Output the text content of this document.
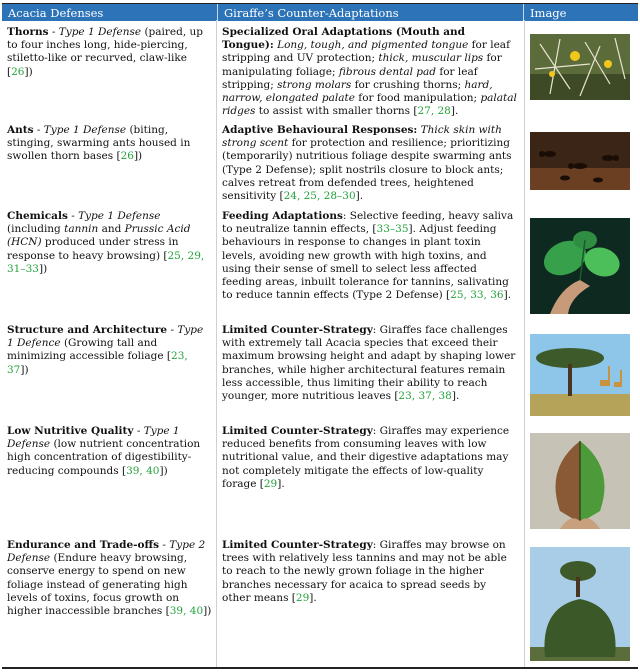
Acacia Defenses	Giraffe’s Counter-Adaptations	Image
Thorns - Type 1 Defense (paired, up to four inches long, hide-piercing, stiletto-like or recurved, claw-like [26])
Specialized Oral Adaptations (Mouth and Tongue): Long, tough, and pigmented tongue for leaf stripping and UV protection; thick, muscular lips for manipulating foliage; fibrous dental pad for leaf stripping; strong molars for crushing thorns; hard, narrow, elongated palate for food manipulation; palatal ridges to assist with smaller thorns [27, 28].
Ants - Type 1 Defense (biting, stinging, swarming ants housed in swollen thorn bases [26])
Adaptive Behavioural Responses: Thick skin with strong scent for protection and resilience; prioritizing (temporarily) nutritious foliage despite swarming ants (Type 2 Defense); split nostrils closure to block ants; calves retreat from defended trees, heightened sensitivity [24, 25, 28–30].
Chemicals - Type 1 Defense (including tannin and Prussic Acid (HCN) produced under stress in response to heavy browsing) [25, 29, 31–33])
Feeding Adaptations: Selective feeding, heavy saliva to neutralize tannin effects, [33–35]. Adjust feeding behaviours in response to changes in plant toxin levels, avoiding new growth with high toxins, and using their sense of smell to select less affected feeding areas, inbuilt tolerance for tannins, salivating to reduce tannin effects (Type 2 Defense) [25, 33, 36].
Structure and Architecture - Type 1 Defence (Growing tall and minimizing accessible foliage [23, 37])
Limited Counter-Strategy: Giraffes face challenges with extremely tall Acacia species that exceed their maximum browsing height and adapt by shaping lower branches, while higher architectural features remain less accessible, thus limiting their ability to reach younger, more nutritious leaves [23, 37, 38].
Low Nutritive Quality - Type 1 Defense (low nutrient concentration high concentration of digestibility-reducing compounds [39, 40])
Limited Counter-Strategy: Giraffes may experience reduced benefits from consuming leaves with low nutritional value, and their digestive adaptations may not completely mitigate the effects of low-quality forage [29].
Endurance and Trade-offs - Type 2 Defense (Endure heavy browsing, conserve energy to spend on new foliage instead of generating high levels of toxins, focus growth on higher inaccessible branches [39, 40])
Limited Counter-Strategy: Giraffes may browse on trees with relatively less tannins and may not be able to reach to the newly grown foliage in the higher branches necessary for acaica to spread seeds by other means [29].
